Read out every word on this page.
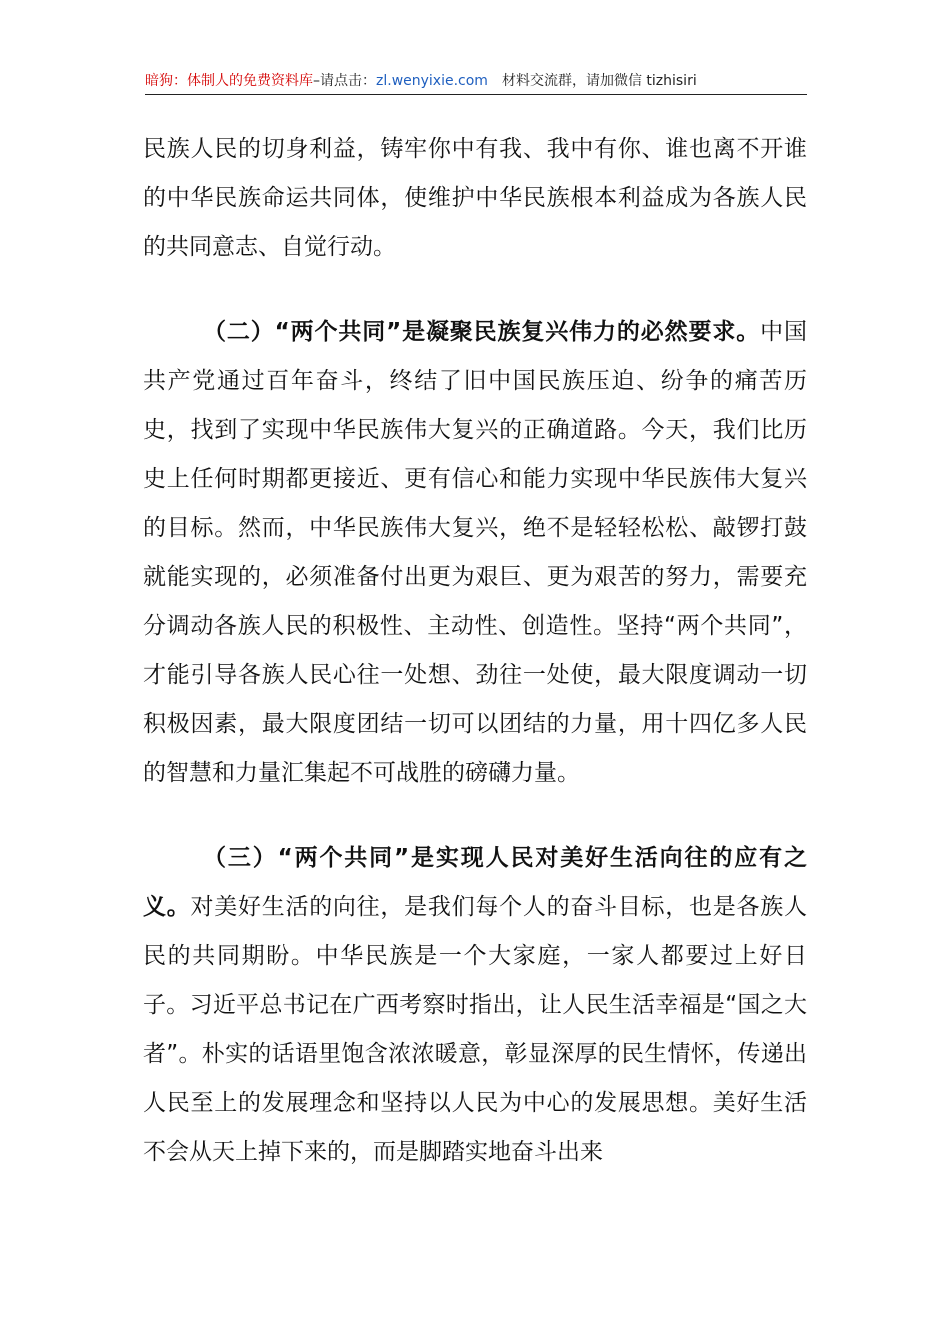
暗狗：体制人的免费资料库–请点击：zl.wenyixie.com 材料交流群，请加微信 tizhisiri

民族人民的切身利益，铸牢你中有我、我中有你、谁也离不开谁的中华民族命运共同体，使维护中华民族根本利益成为各族人民的共同意志、自觉行动。

（二）“两个共同”是凝聚民族复兴伟力的必然要求。中国共产党通过百年奋斗，终结了旧中国民族压迫、纷争的痛苦历史，找到了实现中华民族伟大复兴的正确道路。今天，我们比历史上任何时期都更接近、更有信心和能力实现中华民族伟大复兴的目标。然而，中华民族伟大复兴，绝不是轻轻松松、敲锣打鼓就能实现的，必须准备付出更为艰巨、更为艰苦的努力，需要充分调动各族人民的积极性、主动性、创造性。坚持“两个共同”，才能引导各族人民心往一处想、劲往一处使，最大限度调动一切积极因素，最大限度团结一切可以团结的力量，用十四亿多人民的智慧和力量汇集起不可战胜的磅礴力量。

（三）“两个共同”是实现人民对美好生活向往的应有之义。对美好生活的向往，是我们每个人的奋斗目标，也是各族人民的共同期盼。中华民族是一个大家庭，一家人都要过上好日子。习近平总书记在广西考察时指出，让人民生活幸福是“国之大者”。朴实的话语里饱含浓浓暖意，彰显深厚的民生情怀，传递出人民至上的发展理念和坚持以人民为中心的发展思想。美好生活不会从天上掉下来的，而是脚踏实地奋斗出来
